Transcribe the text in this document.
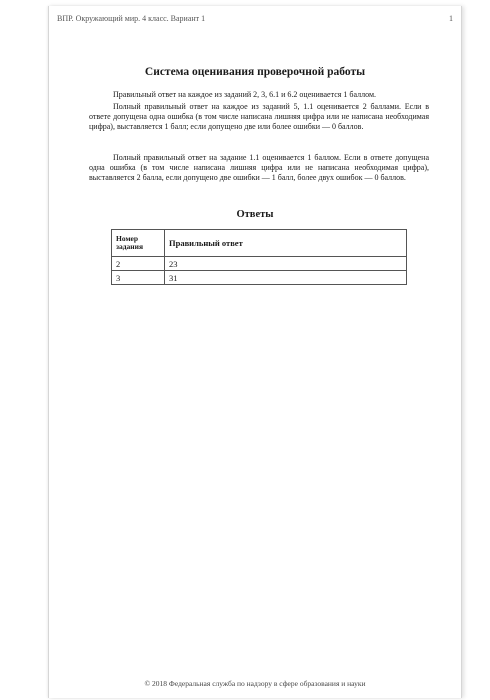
ВПР. Окружающий мир. 4 класс. Вариант 1	1
Система оценивания проверочной работы

Правильный ответ на каждое из заданий 2, 3, 6.1 и 6.2 оценивается 1 баллом.

Полный правильный ответ на каждое из заданий 5, 1.1 оценивается 2 баллами. Если в ответе допущена одна ошибка (в том числе написана лишняя цифра или не написана необходимая цифра), выставляется 1 балл; если допущено две или более ошибки — 0 баллов.

Полный правильный ответ на задание 1.1 оценивается 1 баллом. Если в ответе допущена одна ошибка (в том числе написана лишняя цифра или не написана необходимая цифра), выставляется 2 балла, если допущено две ошибки — 1 балл, более двух ошибок — 0 баллов.

Ответы
Номер задания	Правильный ответ
2	23
3	31
© 2018 Федеральная служба по надзору в сфере образования и науки
